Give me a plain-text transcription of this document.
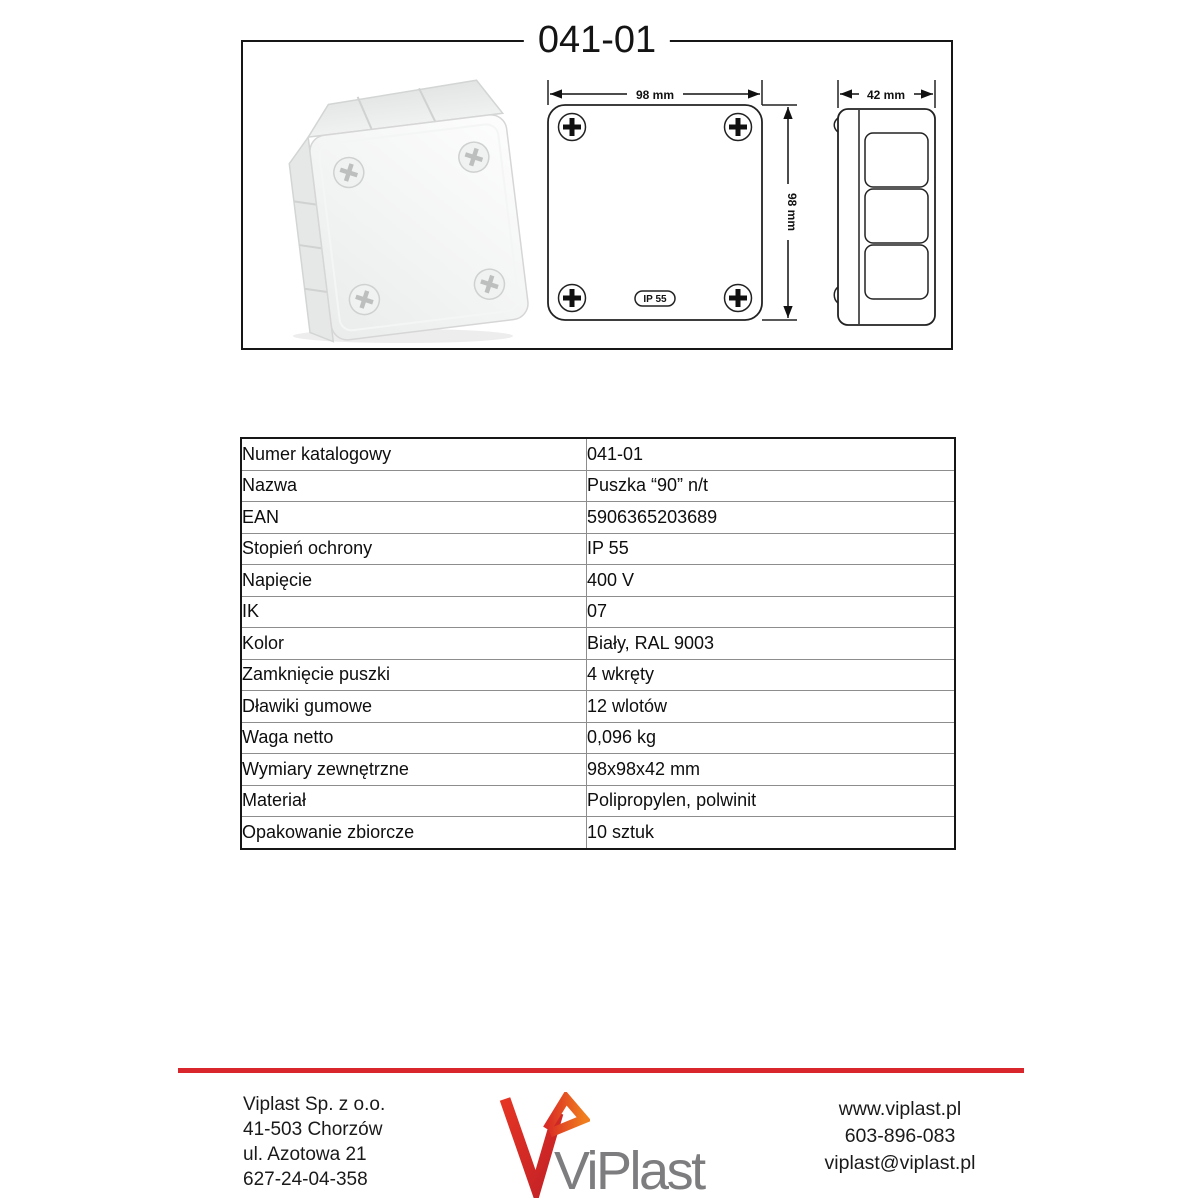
041-01
98 mm
98 mm
IP 55
42 mm
Numer katalogowy	041-01
Nazwa	Puszka “90” n/t
EAN	5906365203689
Stopień ochrony	IP 55
Napięcie	400 V
IK	07
Kolor	Biały, RAL 9003
Zamknięcie puszki	4 wkręty
Dławiki gumowe	12 wlotów
Waga netto	0,096 kg
Wymiary zewnętrzne	98x98x42 mm
Materiał	Polipropylen, polwinit
Opakowanie zbiorcze	10 sztuk
Viplast Sp. z o.o.
41-503 Chorzów
ul. Azotowa 21
627-24-04-358	ViPlast
www.viplast.pl
603-896-083
viplast@viplast.pl
